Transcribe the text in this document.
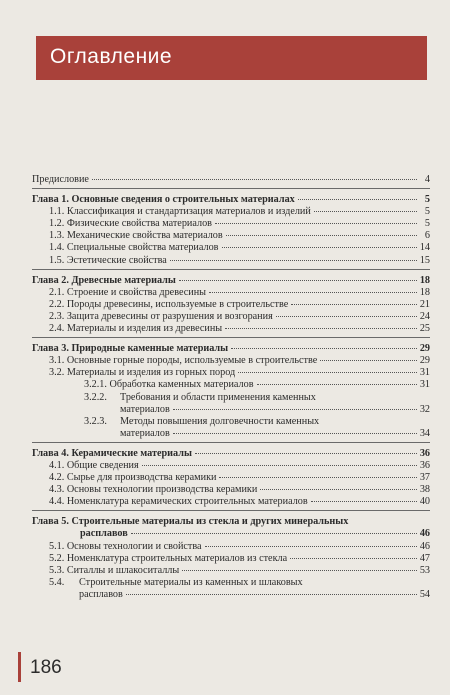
Оглавление
Предисловие	4
Глава 1. Основные сведения о строительных материалах	5
1.1. Классификация и стандартизация материалов и изделий	5
1.2. Физические свойства материалов	5
1.3. Механические свойства материалов	6
1.4. Специальные свойства материалов	14
1.5. Эстетические свойства	15
Глава 2. Древесные материалы	18
2.1. Строение и свойства древесины	18
2.2. Породы древесины, используемые в строительстве	21
2.3. Защита древесины от разрушения и возгорания	24
2.4. Материалы и изделия из древесины	25
Глава 3. Природные каменные материалы	29
3.1. Основные горные породы, используемые в строительстве	29
3.2. Материалы и изделия из горных пород	31
3.2.1. Обработка каменных материалов	31
3.2.2.	Требования и области применения каменных
материалов	32
3.2.3.	Методы повышения долговечности каменных
материалов	34
Глава 4. Керамические материалы	36
4.1. Общие сведения	36
4.2. Сырье для производства керамики	37
4.3. Основы технологии производства керамики	38
4.4. Номенклатура керамических строительных материалов	40
Глава 5. Строительные материалы из стекла и других минеральных
расплавов	46
5.1. Основы технологии и свойства	46
5.2. Номенклатура строительных материалов из стекла	47
5.3. Ситаллы и шлакоситаллы	53
5.4.	Строительные материалы из каменных и шлаковых
расплавов	54
186
